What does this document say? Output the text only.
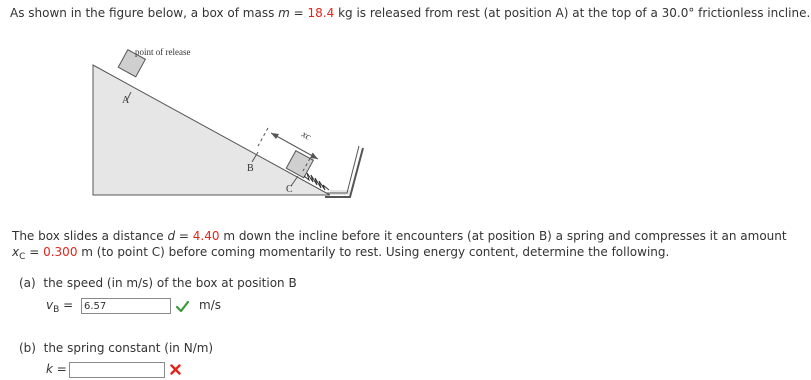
As shown in the figure below, a box of mass m = 18.4 kg is released from rest (at position A) at the top of a 30.0° frictionless incline.
point of release
A
B
C
xc
The box slides a distance d = 4.40 m down the incline before it encounters (at position B) a spring and compresses it an amount
$x_C = 0.300$ m (to point C) before coming momentarily to rest. Using energy content, determine the following.
(a) the speed (in m/s) of the box at position B
$v_B$ =
6.57	m/s
(b) the spring constant (in N/m)
k =
